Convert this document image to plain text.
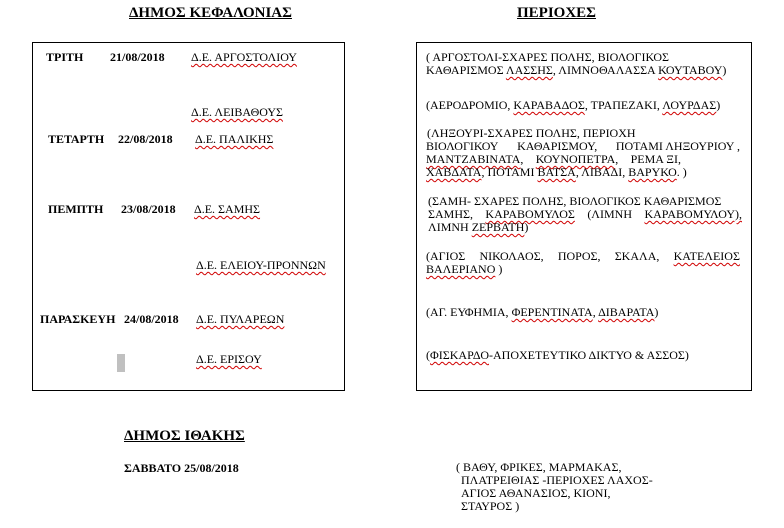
ΔΗΜΟΣ ΚΕΦΑΛΟΝΙΑΣ	ΠΕΡΙΟΧΕΣ
ΔΗΜΟΣ ΙΘΑΚΗΣ
ΤΡΙΤΗ 21/08/2018 Δ.Ε. ΑΡΓΟΣΤΟΛΙΟΥ
Δ.Ε. ΛΕΙΒΑΘΟΥΣ
ΤΕΤΑΡΤΗ 22/08/2018 Δ.Ε. ΠΑΛΙΚΗΣ
ΠΕΜΠΤΗ 23/08/2018 Δ.Ε. ΣΑΜΗΣ
Δ.Ε. ΕΛΕΙΟΥ-ΠΡΟΝΝΩΝ
ΠΑΡΑΣΚΕΥΗ 24/08/2018 Δ.Ε. ΠΥΛΑΡΕΩΝ
Δ.Ε. ΕΡΙΣΟΥ
( ΑΡΓΟΣΤΟΛΙ-ΣΧΑΡΕΣ ΠΟΛΗΣ, ΒΙΟΛΟΓΙΚΟΣ
ΚΑΘΑΡΙΣΜΟΣ ΛΑΣΣΗΣ, ΛΙΜΝΟΘΑΛΑΣΣΑ ΚΟΥΤΑΒΟΥ)
(ΑΕΡΟΔΡΟΜΙΟ, ΚΑΡΑΒΑΔΟΣ, ΤΡΑΠΕΖΑΚΙ, ΛΟΥΡΔΑΣ)
(ΛΗΞΟΥΡΙ-ΣΧΑΡΕΣ ΠΟΛΗΣ, ΠΕΡΙΟΧΗ
ΒΙΟΛΟΓΙΚΟΥ ΚΑΘΑΡΙΣΜΟΥ, ΠΟΤΑΜΙ ΛΗΞΟΥΡΙΟΥ ,
ΜΑΝΤΖΑΒΙΝΑΤΑ, ΚΟΥΝΟΠΕΤΡΑ, ΡΕΜΑ ΞΙ,
ΧΑΒΔΑΤΑ, ΠΟΤΑΜΙ ΒΑΤΣΑ, ΛΙΒΑΔΙ, ΒΑΡΥΚΟ. )
(ΣΑΜΗ- ΣΧΑΡΕΣ ΠΟΛΗΣ, ΒΙΟΛΟΓΙΚΟΣ ΚΑΘΑΡΙΣΜΟΣ
ΣΑΜΗΣ, ΚΑΡΑΒΟΜΥΛΟΣ (ΛΙΜΝΗ ΚΑΡΑΒΟΜΥΛΟΥ),
ΛΙΜΝΗ ΖΕΡΒΑΤΗ)
(ΑΓΙΟΣ ΝΙΚΟΛΑΟΣ, ΠΟΡΟΣ, ΣΚΑΛΑ, ΚΑΤΕΛΕΙΟΣ
ΒΑΛΕΡΙΑΝΟ )
(ΑΓ. ΕΥΦΗΜΙΑ, ΦΕΡΕΝΤΙΝΑΤΑ, ΔΙΒΑΡΑΤΑ)
(ΦΙΣΚΑΡΔΟ-ΑΠΟΧΕΤΕΥΤΙΚΟ ΔΙΚΤΥΟ & ΑΣΣΟΣ)
ΣΑΒΒΑΤΟ 25/08/2018	( ΒΑΘΥ, ΦΡΙΚΕΣ, ΜΑΡΜΑΚΑΣ,
ΠΛΑΤΡΕΙΘΙΑΣ -ΠΕΡΙΟΧΕΣ ΛΑΧΟΣ-
ΑΓΙΟΣ ΑΘΑΝΑΣΙΟΣ, ΚΙΟΝΙ,
ΣΤΑΥΡΟΣ )
